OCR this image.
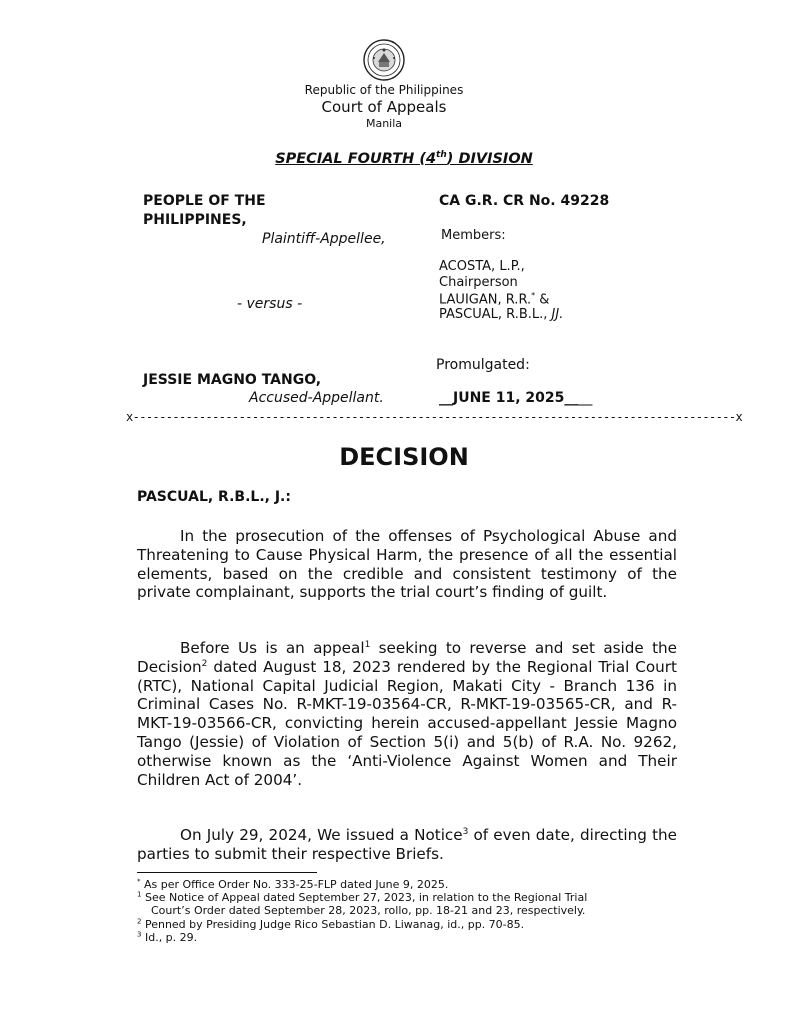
Republic of the Philippines
Court of Appeals
Manila
SPECIAL FOURTH (4th) DIVISION
PEOPLE OF THE
PHILIPPINES,
Plaintiff-Appellee,
- versus -
JESSIE MAGNO TANGO,
Accused-Appellant.
CA G.R. CR No. 49228
Members:
ACOSTA, L.P.,
Chairperson
LAUIGAN, R.R.* &
PASCUAL, R.B.L., JJ.
Promulgated:
__JUNE 11, 2025____
x-------------------------------------------------------------------------------------------x
DECISION
PASCUAL, R.B.L., J.:
In the prosecution of the offenses of Psychological Abuse and Threatening to Cause Physical Harm, the presence of all the essential elements, based on the credible and consistent testimony of the private complainant, supports the trial court’s finding of guilt.
Before Us is an appeal$^1$ seeking to reverse and set aside the Decision$^2$ dated August 18, 2023 rendered by the Regional Trial Court (RTC), National Capital Judicial Region, Makati City - Branch 136 in Criminal Cases No. R-MKT-19-03564-CR, R-MKT-19-03565-CR, and R-MKT-19-03566-CR, convicting herein accused-appellant Jessie Magno Tango (Jessie) of Violation of Section 5(i) and 5(b) of R.A. No. 9262, otherwise known as the ‘Anti-Violence Against Women and Their Children Act of 2004’.
On July 29, 2024, We issued a Notice$^3$ of even date, directing the parties to submit their respective Briefs.
* As per Office Order No. 333-25-FLP dated June 9, 2025.
$^1$ See Notice of Appeal dated September 27, 2023, in relation to the Regional Trial
Court’s Order dated September 28, 2023, rollo, pp. 18-21 and 23, respectively.
$^2$ Penned by Presiding Judge Rico Sebastian D. Liwanag, id., pp. 70-85.
$^3$ Id., p. 29.
